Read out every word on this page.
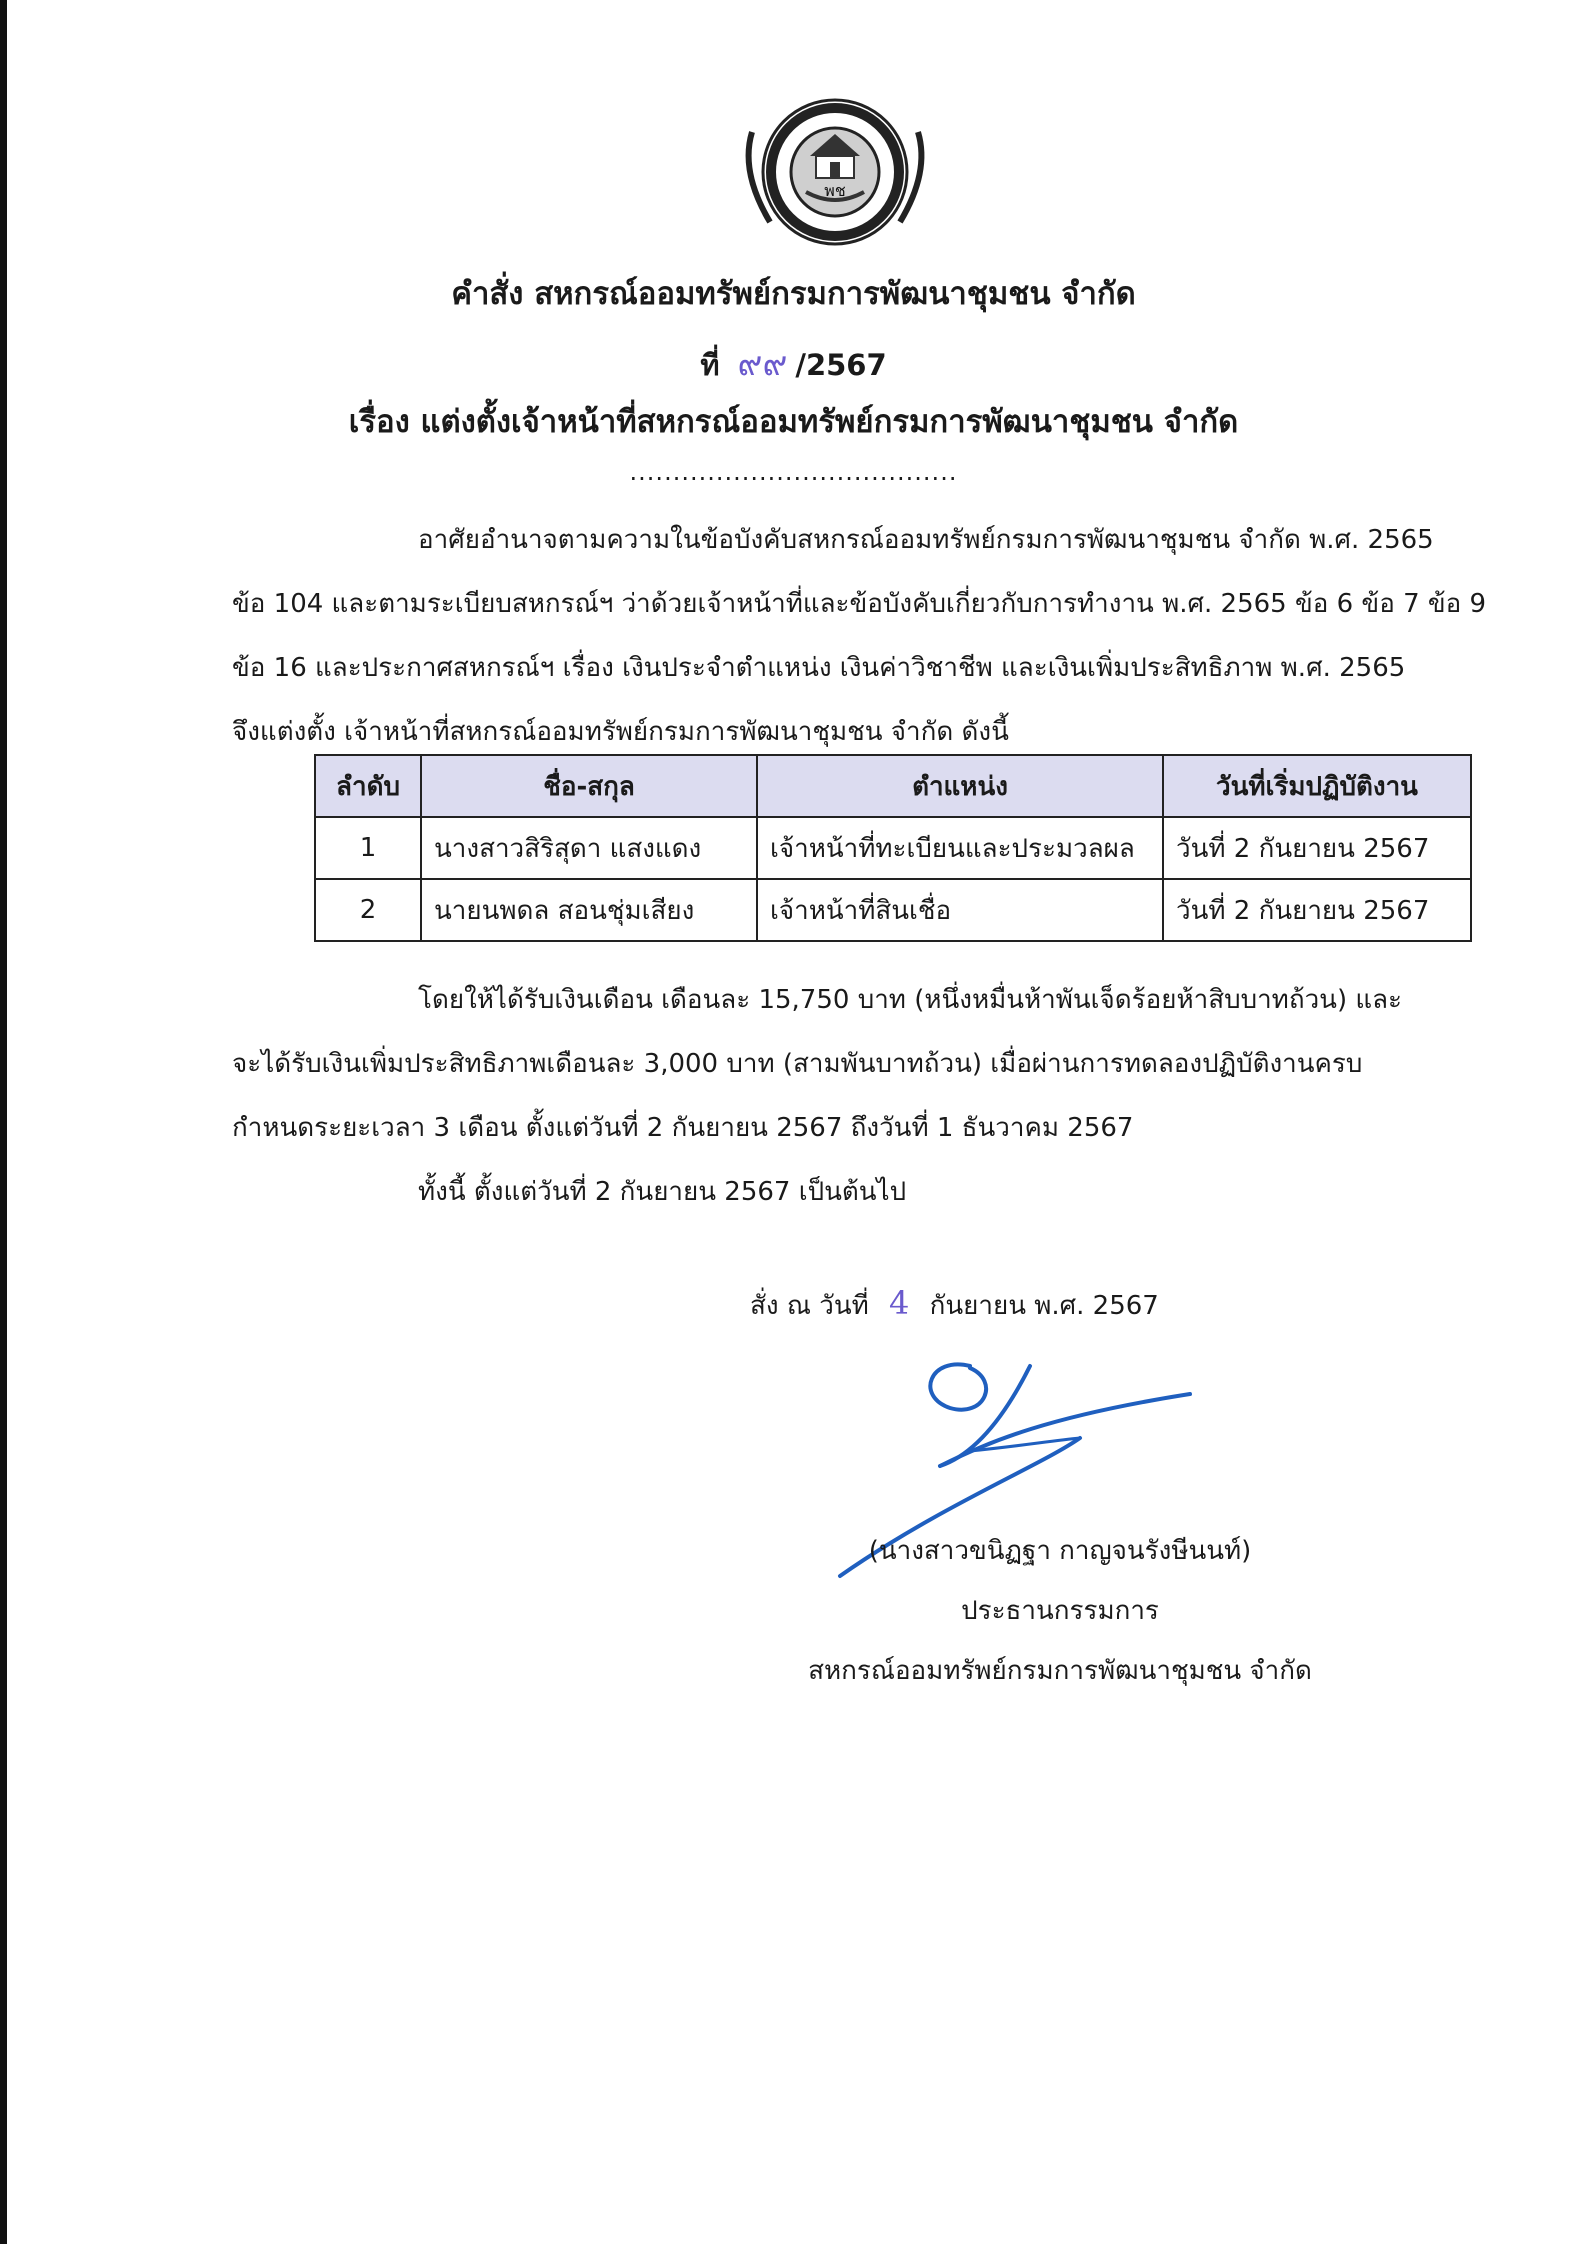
พช
คำสั่ง สหกรณ์ออมทรัพย์กรมการพัฒนาชุมชน จำกัด
ที่ ๙๙ /2567
เรื่อง แต่งตั้งเจ้าหน้าที่สหกรณ์ออมทรัพย์กรมการพัฒนาชุมชน จำกัด
......................................
อาศัยอำนาจตามความในข้อบังคับสหกรณ์ออมทรัพย์กรมการพัฒนาชุมชน จำกัด พ.ศ. 2565
ข้อ 104 และตามระเบียบสหกรณ์ฯ ว่าด้วยเจ้าหน้าที่และข้อบังคับเกี่ยวกับการทำงาน พ.ศ. 2565 ข้อ 6 ข้อ 7 ข้อ 9
ข้อ 16 และประกาศสหกรณ์ฯ เรื่อง เงินประจำตำแหน่ง เงินค่าวิชาชีพ และเงินเพิ่มประสิทธิภาพ พ.ศ. 2565
จึงแต่งตั้ง เจ้าหน้าที่สหกรณ์ออมทรัพย์กรมการพัฒนาชุมชน จำกัด ดังนี้
ลำดับ	ชื่อ-สกุล	ตำแหน่ง	วันที่เริ่มปฏิบัติงาน
1	นางสาวสิริสุดา แสงแดง	เจ้าหน้าที่ทะเบียนและประมวลผล	วันที่ 2 กันยายน 2567
2	นายนพดล สอนชุ่มเสียง	เจ้าหน้าที่สินเชื่อ	วันที่ 2 กันยายน 2567
โดยให้ได้รับเงินเดือน เดือนละ 15,750 บาท (หนึ่งหมื่นห้าพันเจ็ดร้อยห้าสิบบาทถ้วน) และ
จะได้รับเงินเพิ่มประสิทธิภาพเดือนละ 3,000 บาท (สามพันบาทถ้วน) เมื่อผ่านการทดลองปฏิบัติงานครบ
กำหนดระยะเวลา 3 เดือน ตั้งแต่วันที่ 2 กันยายน 2567 ถึงวันที่ 1 ธันวาคม 2567
ทั้งนี้ ตั้งแต่วันที่ 2 กันยายน 2567 เป็นต้นไป
สั่ง ณ วันที่ 4 กันยายน พ.ศ. 2567
(นางสาวขนิฏฐา กาญจนรังษีนนท์)
ประธานกรรมการ
สหกรณ์ออมทรัพย์กรมการพัฒนาชุมชน จำกัด
